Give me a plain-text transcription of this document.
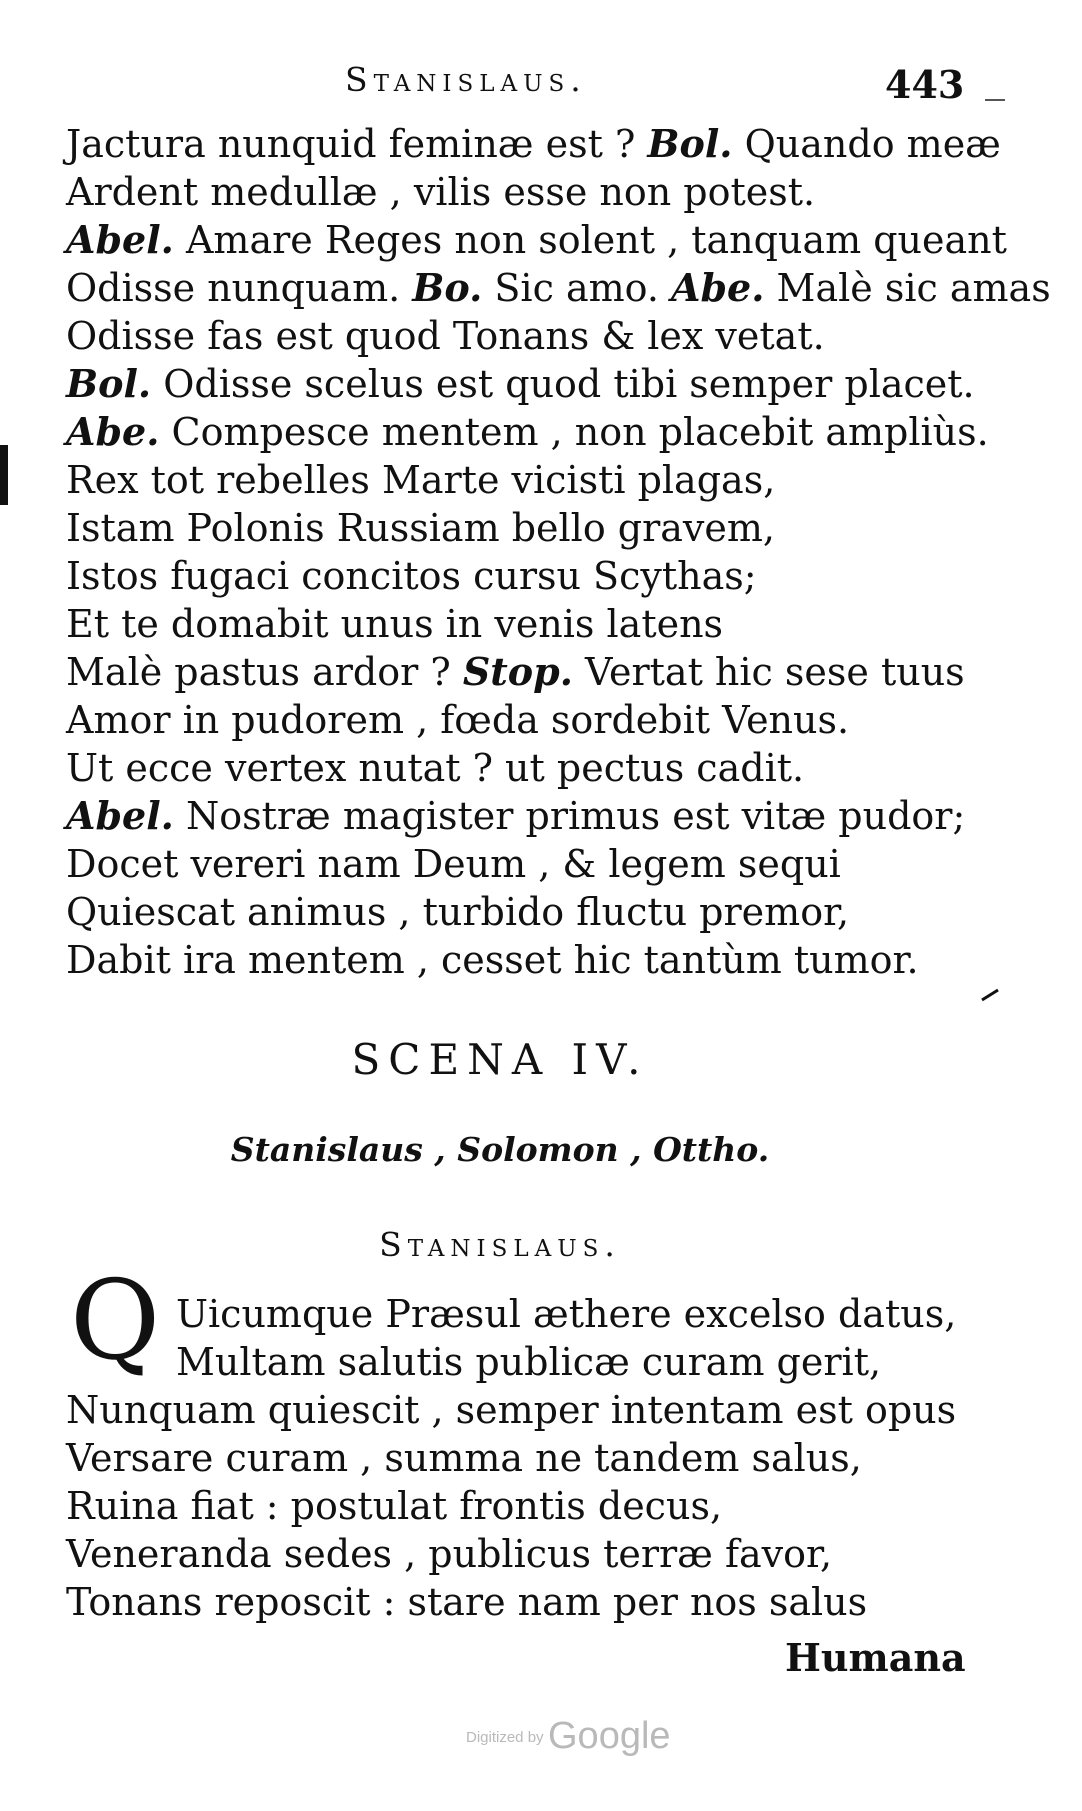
Stanislaus.	443
Jactura nunquid feminæ est ? Bol. Quando meæ
Ardent medullæ , vilis esse non potest.
Abel. Amare Reges non solent , tanquam queant
Odisse nunquam. Bo. Sic amo. Abe. Malè sic amas
Odisse fas est quod Tonans & lex vetat.
Bol. Odisse scelus est quod tibi semper placet.
Abe. Compesce mentem , non placebit ampliùs.
Rex tot rebelles Marte vicisti plagas,
Istam Polonis Russiam bello gravem,
Istos fugaci concitos cursu Scythas;
Et te domabit unus in venis latens
Malè pastus ardor ? Stop. Vertat hic sese tuus
Amor in pudorem , fœda sordebit Venus.
Ut ecce vertex nutat ? ut pectus cadit.
Abel. Nostræ magister primus est vitæ pudor;
Docet vereri nam Deum , & legem sequi
Quiescat animus , turbido fluctu premor,
Dabit ira mentem , cesset hic tantùm tumor.
SCENA IV.
Stanislaus , Solomon , Ottho.
Stanislaus.
Q Uicumque Præsul æthere excelso datus,
Multam salutis publicæ curam gerit,
Nunquam quiescit , semper intentam est opus
Versare curam , summa ne tandem salus,
Ruina fiat : postulat frontis decus,
Veneranda sedes , publicus terræ favor,
Tonans reposcit : stare nam per nos salus
Humana
Digitized by Google
